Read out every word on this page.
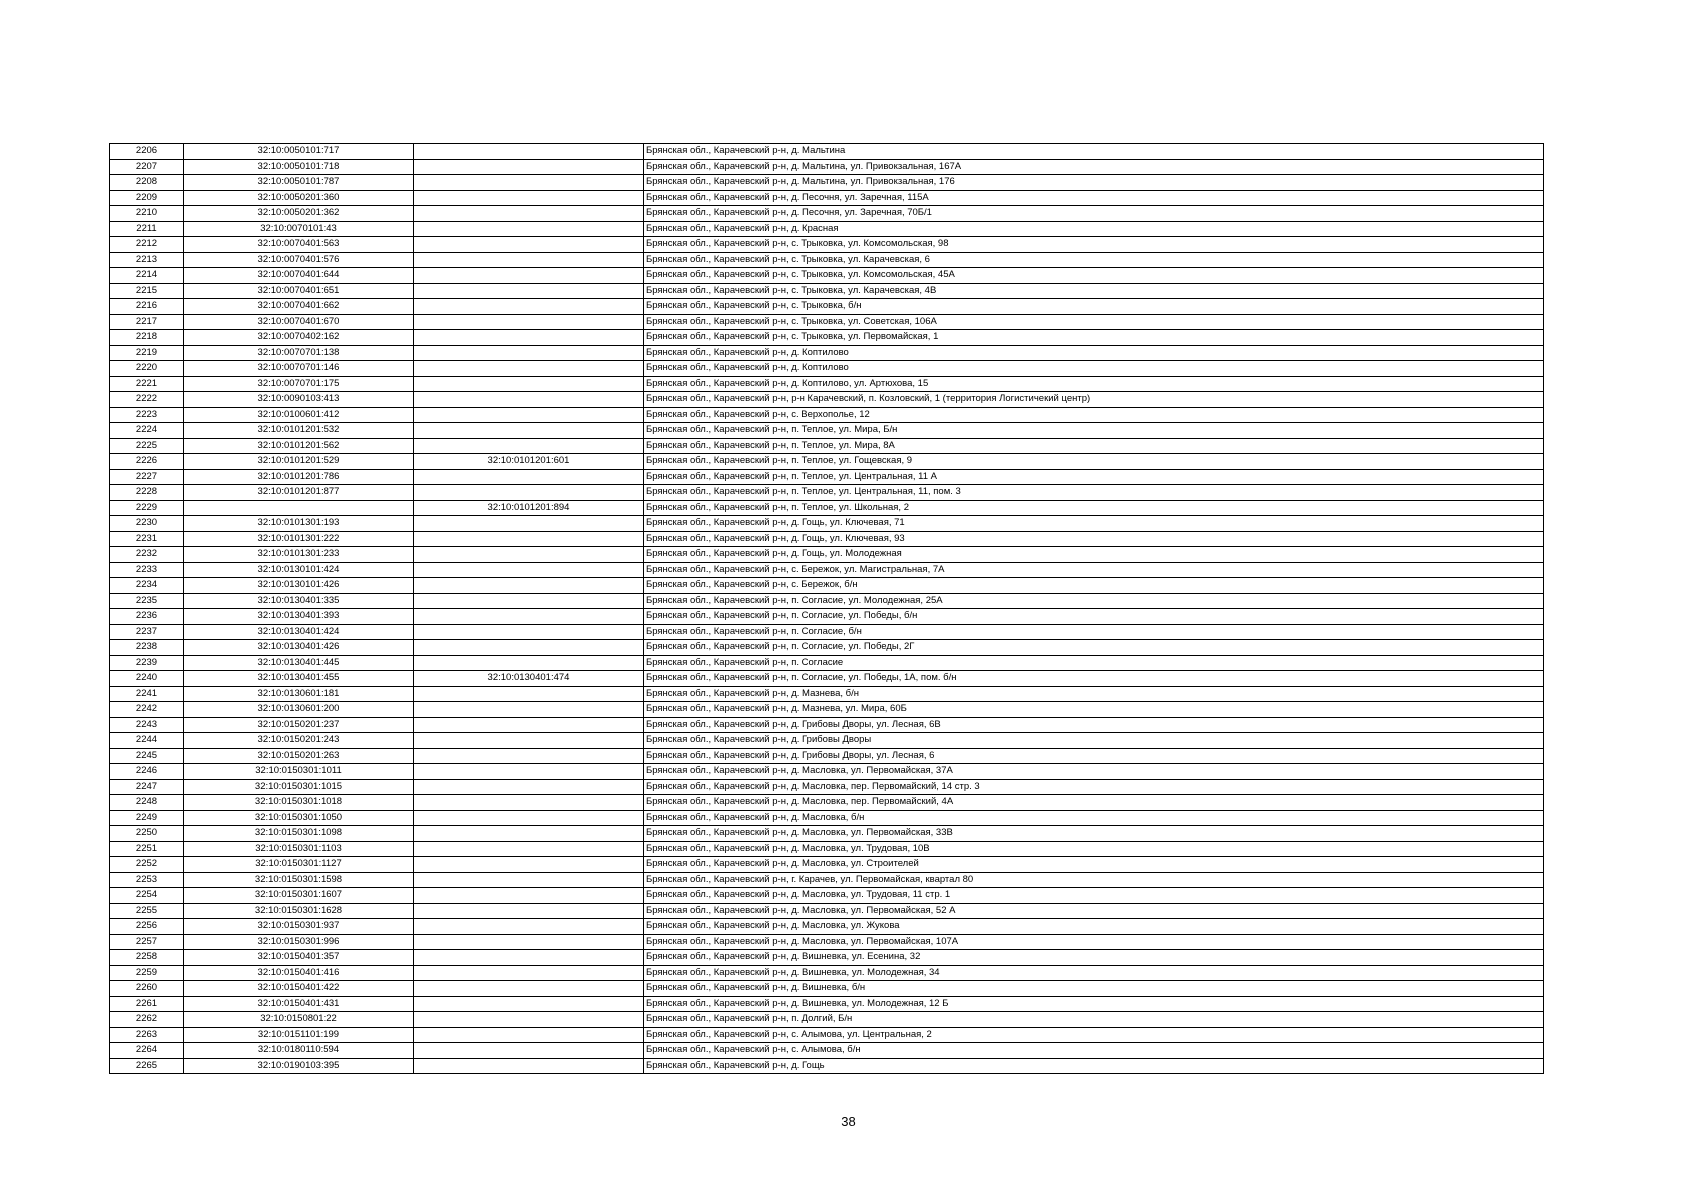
2206	32:10:0050101:717		Брянская обл., Карачевский р-н, д. Мальтина
2207	32:10:0050101:718		Брянская обл., Карачевский р-н, д. Мальтина, ул. Привокзальная, 167А
2208	32:10:0050101:787		Брянская обл., Карачевский р-н, д. Мальтина, ул. Привокзальная, 176
2209	32:10:0050201:360		Брянская обл., Карачевский р-н, д. Песочня, ул. Заречная, 115А
2210	32:10:0050201:362		Брянская обл., Карачевский р-н, д. Песочня, ул. Заречная, 70Б/1
2211	32:10:0070101:43		Брянская обл., Карачевский р-н, д. Красная
2212	32:10:0070401:563		Брянская обл., Карачевский р-н, с. Трыковка, ул. Комсомольская, 98
2213	32:10:0070401:576		Брянская обл., Карачевский р-н, с. Трыковка, ул. Карачевская, 6
2214	32:10:0070401:644		Брянская обл., Карачевский р-н, с. Трыковка, ул. Комсомольская, 45А
2215	32:10:0070401:651		Брянская обл., Карачевский р-н, с. Трыковка, ул. Карачевская, 4В
2216	32:10:0070401:662		Брянская обл., Карачевский р-н, с. Трыковка, б/н
2217	32:10:0070401:670		Брянская обл., Карачевский р-н, с. Трыковка, ул. Советская, 106А
2218	32:10:0070402:162		Брянская обл., Карачевский р-н, с. Трыковка, ул. Первомайская, 1
2219	32:10:0070701:138		Брянская обл., Карачевский р-н, д. Коптилово
2220	32:10:0070701:146		Брянская обл., Карачевский р-н, д. Коптилово
2221	32:10:0070701:175		Брянская обл., Карачевский р-н, д. Коптилово, ул. Артюхова, 15
2222	32:10:0090103:413		Брянская обл., Карачевский р-н, р-н Карачевский, п. Козловский, 1 (территория Логистичекий центр)
2223	32:10:0100601:412		Брянская обл., Карачевский р-н, с. Верхополье, 12
2224	32:10:0101201:532		Брянская обл., Карачевский р-н, п. Теплое, ул. Мира, Б/н
2225	32:10:0101201:562		Брянская обл., Карачевский р-н, п. Теплое, ул. Мира, 8А
2226	32:10:0101201:529	32:10:0101201:601	Брянская обл., Карачевский р-н, п. Теплое, ул. Гощевская, 9
2227	32:10:0101201:786		Брянская обл., Карачевский р-н, п. Теплое, ул. Центральная, 11 А
2228	32:10:0101201:877		Брянская обл., Карачевский р-н, п. Теплое, ул. Центральная, 11, пом. 3
2229		32:10:0101201:894	Брянская обл., Карачевский р-н, п. Теплое, ул. Школьная, 2
2230	32:10:0101301:193		Брянская обл., Карачевский р-н, д. Гощь, ул. Ключевая, 71
2231	32:10:0101301:222		Брянская обл., Карачевский р-н, д. Гощь, ул. Ключевая, 93
2232	32:10:0101301:233		Брянская обл., Карачевский р-н, д. Гощь, ул. Молодежная
2233	32:10:0130101:424		Брянская обл., Карачевский р-н, с. Бережок, ул. Магистральная, 7А
2234	32:10:0130101:426		Брянская обл., Карачевский р-н, с. Бережок, б/н
2235	32:10:0130401:335		Брянская обл., Карачевский р-н, п. Согласие, ул. Молодежная, 25А
2236	32:10:0130401:393		Брянская обл., Карачевский р-н, п. Согласие, ул. Победы, б/н
2237	32:10:0130401:424		Брянская обл., Карачевский р-н, п. Согласие, б/н
2238	32:10:0130401:426		Брянская обл., Карачевский р-н, п. Согласие, ул. Победы, 2Г
2239	32:10:0130401:445		Брянская обл., Карачевский р-н, п. Согласие
2240	32:10:0130401:455	32:10:0130401:474	Брянская обл., Карачевский р-н, п. Согласие, ул. Победы, 1А, пом. б/н
2241	32:10:0130601:181		Брянская обл., Карачевский р-н, д. Мазнева, б/н
2242	32:10:0130601:200		Брянская обл., Карачевский р-н, д. Мазнева, ул. Мира, 60Б
2243	32:10:0150201:237		Брянская обл., Карачевский р-н, д. Грибовы Дворы, ул. Лесная, 6В
2244	32:10:0150201:243		Брянская обл., Карачевский р-н, д. Грибовы Дворы
2245	32:10:0150201:263		Брянская обл., Карачевский р-н, д. Грибовы Дворы, ул. Лесная, 6
2246	32:10:0150301:1011		Брянская обл., Карачевский р-н, д. Масловка, ул. Первомайская, 37А
2247	32:10:0150301:1015		Брянская обл., Карачевский р-н, д. Масловка, пер. Первомайский, 14 стр. 3
2248	32:10:0150301:1018		Брянская обл., Карачевский р-н, д. Масловка, пер. Первомайский, 4А
2249	32:10:0150301:1050		Брянская обл., Карачевский р-н, д. Масловка, б/н
2250	32:10:0150301:1098		Брянская обл., Карачевский р-н, д. Масловка, ул. Первомайская, 33В
2251	32:10:0150301:1103		Брянская обл., Карачевский р-н, д. Масловка, ул. Трудовая, 10В
2252	32:10:0150301:1127		Брянская обл., Карачевский р-н, д. Масловка, ул. Строителей
2253	32:10:0150301:1598		Брянская обл., Карачевский р-н, г. Карачев, ул. Первомайская, квартал 80
2254	32:10:0150301:1607		Брянская обл., Карачевский р-н, д. Масловка, ул. Трудовая, 11 стр. 1
2255	32:10:0150301:1628		Брянская обл., Карачевский р-н, д. Масловка, ул. Первомайская, 52 А
2256	32:10:0150301:937		Брянская обл., Карачевский р-н, д. Масловка, ул. Жукова
2257	32:10:0150301:996		Брянская обл., Карачевский р-н, д. Масловка, ул. Первомайская, 107А
2258	32:10:0150401:357		Брянская обл., Карачевский р-н, д. Вишневка, ул. Есенина, 32
2259	32:10:0150401:416		Брянская обл., Карачевский р-н, д. Вишневка, ул. Молодежная, 34
2260	32:10:0150401:422		Брянская обл., Карачевский р-н, д. Вишневка, б/н
2261	32:10:0150401:431		Брянская обл., Карачевский р-н, д. Вишневка, ул. Молодежная, 12 Б
2262	32:10:0150801:22		Брянская обл., Карачевский р-н, п. Долгий, Б/н
2263	32:10:0151101:199		Брянская обл., Карачевский р-н, с. Алымова, ул. Центральная, 2
2264	32:10:0180110:594		Брянская обл., Карачевский р-н, с. Алымова, б/н
2265	32:10:0190103:395		Брянская обл., Карачевский р-н, д. Гощь
38
